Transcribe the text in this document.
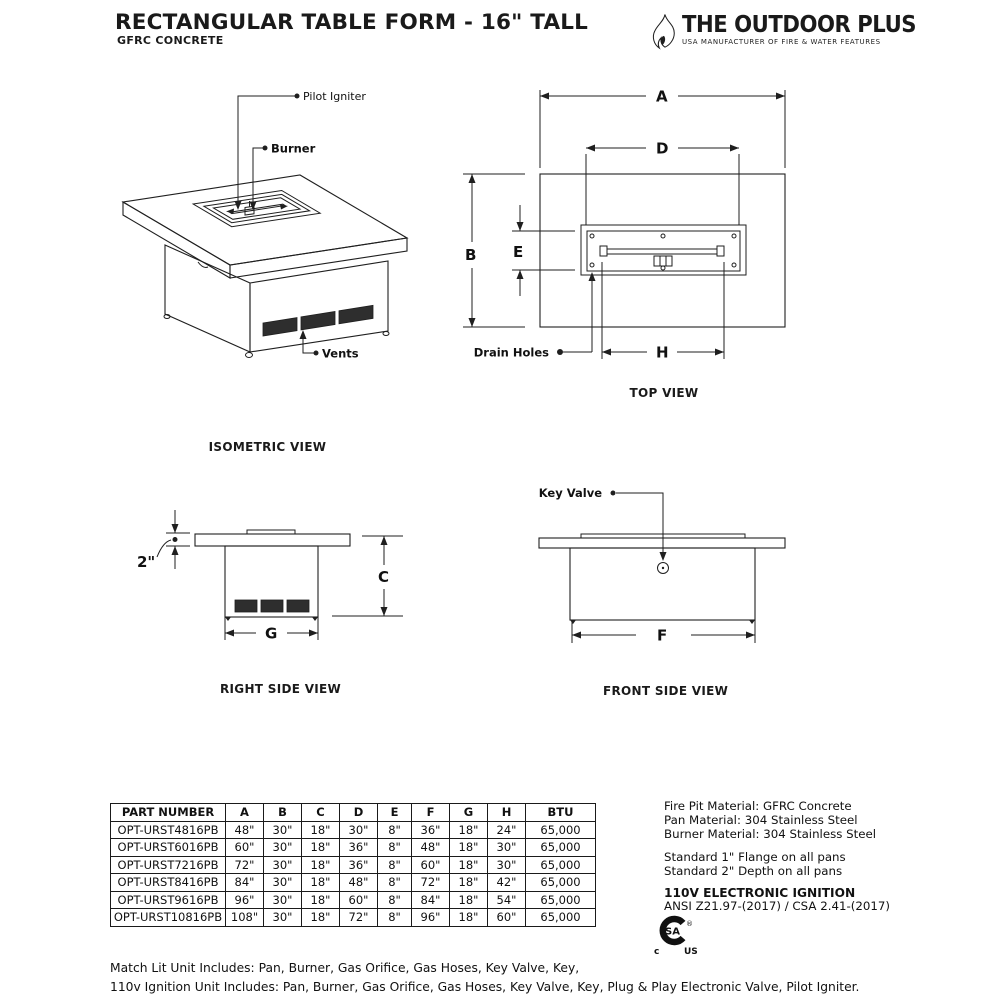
RECTANGULAR TABLE FORM - 16" TALL
GFRC CONCRETE
THE OUTDOOR PLUS
USA MANUFACTURER OF FIRE & WATER FEATURES
Pilot Igniter
Burner
Vents
ISOMETRIC VIEW
A
D
B E
H
Drain Holes
TOP VIEW
2"
C
G
RIGHT SIDE VIEW
Key Valve
F
FRONT SIDE VIEW
PART NUMBER	A	B	C	D	E	F	G	H	BTU
OPT-URST4816PB	48"	30"	18"	30"	8"	36"	18"	24"	65,000
OPT-URST6016PB	60"	30"	18"	36"	8"	48"	18"	30"	65,000
OPT-URST7216PB	72"	30"	18"	36"	8"	60"	18"	30"	65,000
OPT-URST8416PB	84"	30"	18"	48"	8"	72"	18"	42"	65,000
OPT-URST9616PB	96"	30"	18"	60"	8"	84"	18"	54"	65,000
OPT-URST10816PB	108"	30"	18"	72"	8"	96"	18"	60"	65,000
Fire Pit Material: GFRC Concrete
Pan Material: 304 Stainless Steel
Burner Material: 304 Stainless Steel
Standard 1" Flange on all pans
Standard 2" Depth on all pans
110V ELECTRONIC IGNITION
ANSI Z21.97-(2017) / CSA 2.41-(2017)
SA
®
c	US
Match Lit Unit Includes: Pan, Burner, Gas Orifice, Gas Hoses, Key Valve, Key,
110v Ignition Unit Includes: Pan, Burner, Gas Orifice, Gas Hoses, Key Valve, Key, Plug & Play Electronic Valve, Pilot Igniter.
